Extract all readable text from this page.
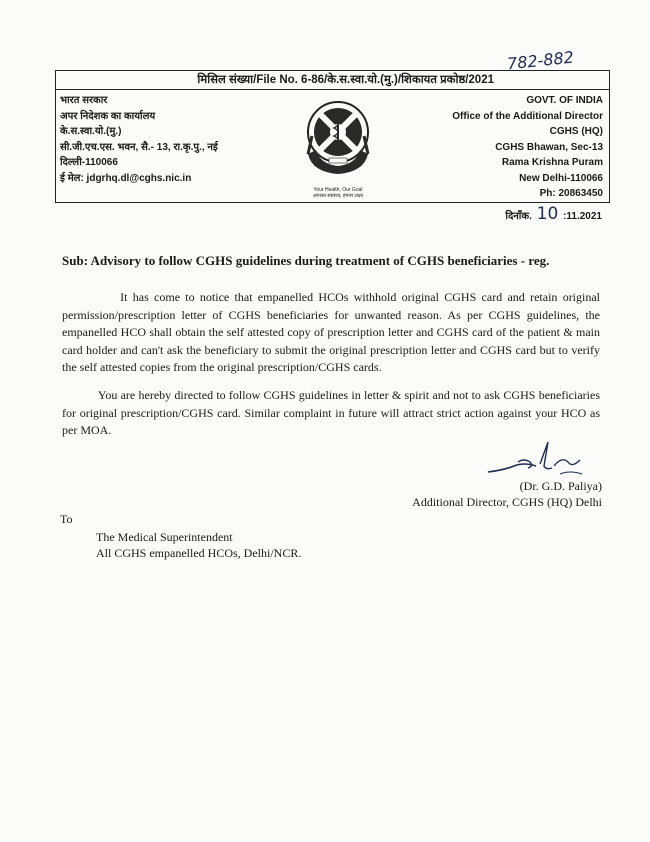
782-882
मिसिल संख्या/File No. 6-86/के.स.स्वा.यो.(मु.)/शिकायत प्रकोष्ठ/2021
भारत सरकार
अपर निदेशक का कार्यालय
के.स.स्वा.यो.(मु.)
सी.जी.एच.एस. भवन, सै.- 13, रा.कृ.पु., नई
दिल्ली-110066
ई मेल: jdgrhq.dl@cghs.nic.in
Your Health, Our Goal
आपका स्वास्थ्य, हमारा लक्ष्य
GOVT. OF INDIA
Office of the Additional Director
CGHS (HQ)
CGHS Bhawan, Sec-13
Rama Krishna Puram
New Delhi-110066
Ph: 20863450
दिनॉंक. 10 :11.2021
Sub: Advisory to follow CGHS guidelines during treatment of CGHS beneficiaries - reg.

It has come to notice that empanelled HCOs withhold original CGHS card and retain original permission/prescription letter of CGHS beneficiaries for unwanted reason. As per CGHS guidelines, the empanelled HCO shall obtain the self attested copy of prescription letter and CGHS card of the patient & main card holder and can't ask the beneficiary to submit the original prescription letter and CGHS card but to verify the self attested copies from the original prescription/CGHS cards.

You are hereby directed to follow CGHS guidelines in letter & spirit and not to ask CGHS beneficiaries for original prescription/CGHS card. Similar complaint in future will attract strict action against your HCO as per MOA.

(Dr. G.D. Paliya)
Additional Director, CGHS (HQ) Delhi
To
The Medical Superintendent
All CGHS empanelled HCOs, Delhi/NCR.
